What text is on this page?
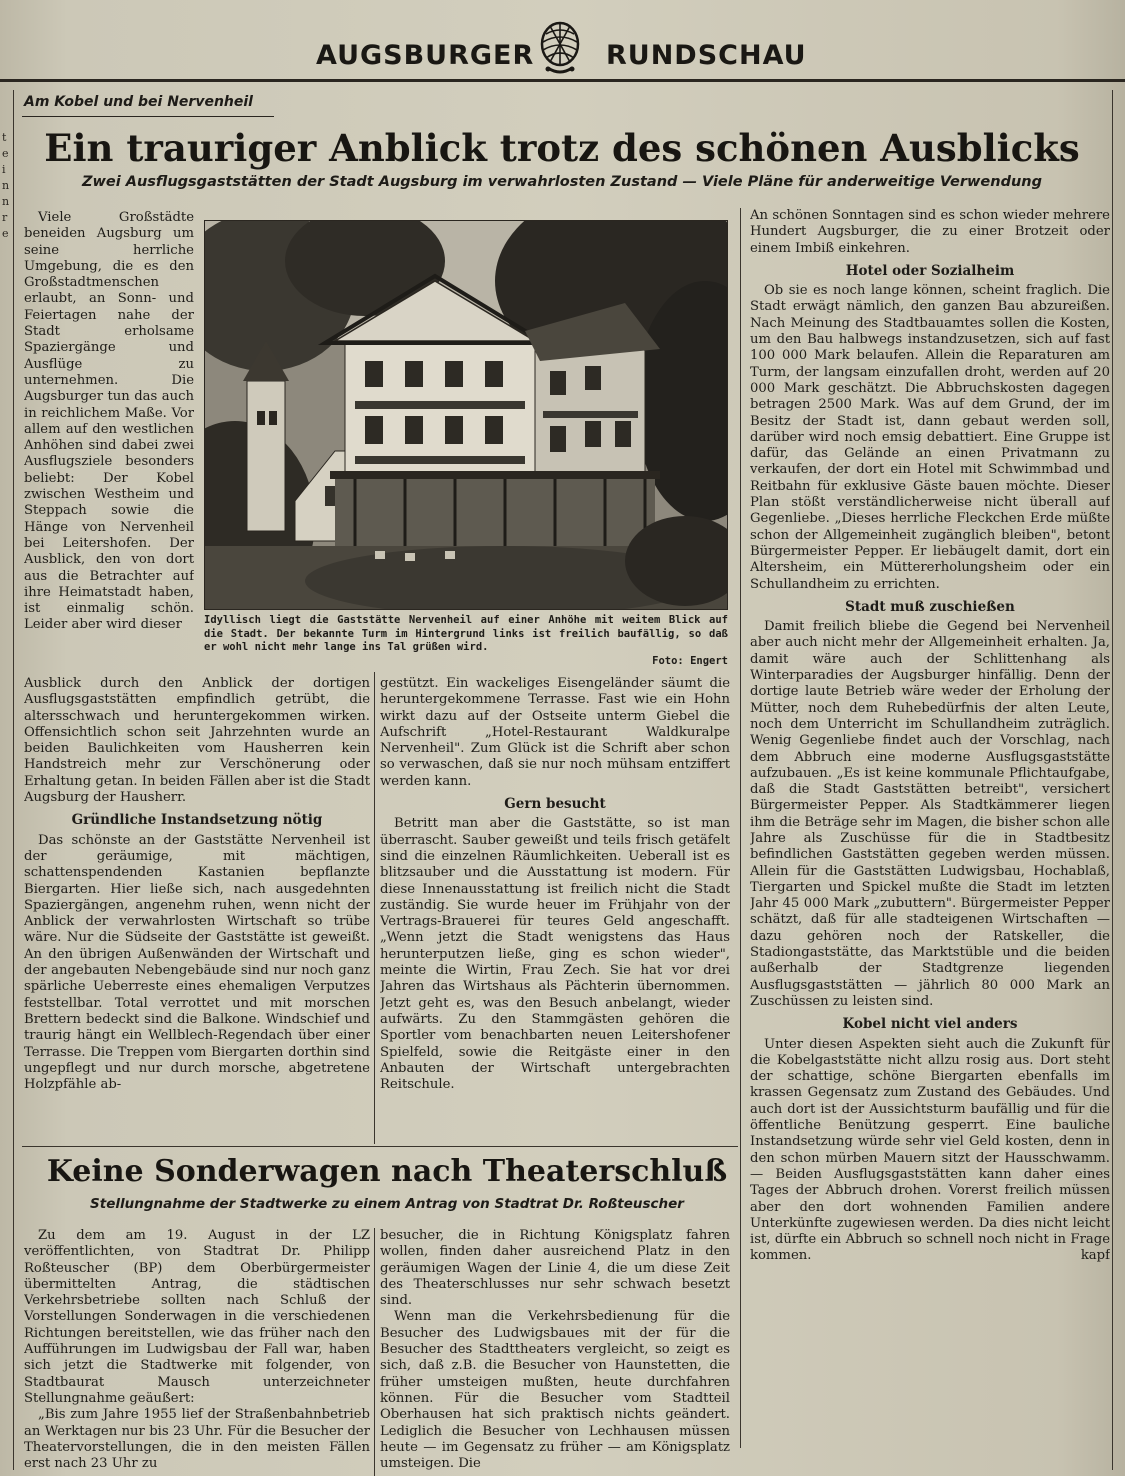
AUGSBURGER	RUNDSCHAU
t
e
i
n
n
r
e
Am Kobel und bei Nervenheil
Ein trauriger Anblick trotz des schönen Ausblicks
Zwei Ausflugsgaststätten der Stadt Augsburg im verwahrlosten Zustand — Viele Pläne für anderweitige Verwendung

Viele Großstädte beneiden Augsburg um seine herrliche Umgebung, die es den Großstadtmenschen erlaubt, an Sonn- und Feiertagen nahe der Stadt erholsame Spaziergänge und Ausflüge zu unternehmen. Die Augsburger tun das auch in reichlichem Maße. Vor allem auf den westlichen Anhöhen sind dabei zwei Ausflugsziele besonders beliebt: Der Kobel zwischen Westheim und Steppach sowie die Hänge von Nervenheil bei Leitershofen. Der Ausblick, den von dort aus die Betrachter auf ihre Heimatstadt haben, ist einmalig schön. Leider aber wird dieser	Idyllisch liegt die Gaststätte Nervenheil auf einer Anhöhe mit weitem Blick auf die Stadt. Der bekannte Turm im Hintergrund links ist freilich baufällig, so daß er wohl nicht mehr lange ins Tal grüßen wird.
Foto: Engert

Ausblick durch den Anblick der dortigen Ausflugsgaststätten empfindlich getrübt, die altersschwach und heruntergekommen wirken. Offensichtlich schon seit Jahrzehnten wurde an beiden Baulichkeiten vom Hausherren kein Handstreich mehr zur Verschönerung oder Erhaltung getan. In beiden Fällen aber ist die Stadt Augsburg der Hausherr.

Gründliche Instandsetzung nötig

Das schönste an der Gaststätte Nervenheil ist der geräumige, mit mächtigen, schattenspendenden Kastanien bepflanzte Biergarten. Hier ließe sich, nach ausgedehnten Spaziergängen, angenehm ruhen, wenn nicht der Anblick der verwahrlosten Wirtschaft so trübe wäre. Nur die Südseite der Gaststätte ist geweißt. An den übrigen Außenwänden der Wirtschaft und der angebauten Nebengebäude sind nur noch ganz spärliche Ueberreste eines ehemaligen Verputzes feststellbar. Total verrottet und mit morschen Brettern bedeckt sind die Balkone. Windschief und traurig hängt ein Wellblech-Regendach über einer Terrasse. Die Treppen vom Biergarten dorthin sind ungepflegt und nur durch morsche, abgetretene Holzpfähle ab-

gestützt. Ein wackeliges Eisengeländer säumt die heruntergekommene Terrasse. Fast wie ein Hohn wirkt dazu auf der Ostseite unterm Giebel die Aufschrift „Hotel-Restaurant Waldkuralpe Nervenheil". Zum Glück ist die Schrift aber schon so verwaschen, daß sie nur noch mühsam entziffert werden kann.

Gern besucht

Betritt man aber die Gaststätte, so ist man überrascht. Sauber geweißt und teils frisch getäfelt sind die einzelnen Räumlichkeiten. Ueberall ist es blitzsauber und die Ausstattung ist modern. Für diese Innenausstattung ist freilich nicht die Stadt zuständig. Sie wurde heuer im Frühjahr von der Vertrags-Brauerei für teures Geld angeschafft. „Wenn jetzt die Stadt wenigstens das Haus herunterputzen ließe, ging es schon wieder", meinte die Wirtin, Frau Zech. Sie hat vor drei Jahren das Wirtshaus als Pächterin übernommen. Jetzt geht es, was den Besuch anbelangt, wieder aufwärts. Zu den Stammgästen gehören die Sportler vom benachbarten neuen Leitershofener Spielfeld, sowie die Reitgäste einer in den Anbauten der Wirtschaft untergebrachten Reitschule.

An schönen Sonntagen sind es schon wieder mehrere Hundert Augsburger, die zu einer Brotzeit oder einem Imbiß einkehren.

Hotel oder Sozialheim

Ob sie es noch lange können, scheint fraglich. Die Stadt erwägt nämlich, den ganzen Bau abzureißen. Nach Meinung des Stadtbauamtes sollen die Kosten, um den Bau halbwegs instandzusetzen, sich auf fast 100 000 Mark belaufen. Allein die Reparaturen am Turm, der langsam einzufallen droht, werden auf 20 000 Mark geschätzt. Die Abbruchskosten dagegen betragen 2500 Mark. Was auf dem Grund, der im Besitz der Stadt ist, dann gebaut werden soll, darüber wird noch emsig debattiert. Eine Gruppe ist dafür, das Gelände an einen Privatmann zu verkaufen, der dort ein Hotel mit Schwimmbad und Reitbahn für exklusive Gäste bauen möchte. Dieser Plan stößt verständlicherweise nicht überall auf Gegenliebe. „Dieses herrliche Fleckchen Erde müßte schon der Allgemeinheit zugänglich bleiben", betont Bürgermeister Pepper. Er liebäugelt damit, dort ein Altersheim, ein Müttererholungsheim oder ein Schullandheim zu errichten.

Stadt muß zuschießen

Damit freilich bliebe die Gegend bei Nervenheil aber auch nicht mehr der Allgemeinheit erhalten. Ja, damit wäre auch der Schlittenhang als Winterparadies der Augsburger hinfällig. Denn der dortige laute Betrieb wäre weder der Erholung der Mütter, noch dem Ruhebedürfnis der alten Leute, noch dem Unterricht im Schullandheim zuträglich. Wenig Gegenliebe findet auch der Vorschlag, nach dem Abbruch eine moderne Ausflugsgaststätte aufzubauen. „Es ist keine kommunale Pflichtaufgabe, daß die Stadt Gaststätten betreibt", versichert Bürgermeister Pepper. Als Stadtkämmerer liegen ihm die Beträge sehr im Magen, die bisher schon alle Jahre als Zuschüsse für die in Stadtbesitz befindlichen Gaststätten gegeben werden müssen. Allein für die Gaststätten Ludwigsbau, Hochablaß, Tiergarten und Spickel mußte die Stadt im letzten Jahr 45 000 Mark „zubuttern". Bürgermeister Pepper schätzt, daß für alle stadteigenen Wirtschaften — dazu gehören noch der Ratskeller, die Stadiongaststätte, das Marktstüble und die beiden außerhalb der Stadtgrenze liegenden Ausflugsgaststätten — jährlich 80 000 Mark an Zuschüssen zu leisten sind.

Kobel nicht viel anders

Unter diesen Aspekten sieht auch die Zukunft für die Kobelgaststätte nicht allzu rosig aus. Dort steht der schattige, schöne Biergarten ebenfalls im krassen Gegensatz zum Zustand des Gebäudes. Und auch dort ist der Aussichtsturm baufällig und für die öffentliche Benützung gesperrt. Eine bauliche Instandsetzung würde sehr viel Geld kosten, denn in den schon mürben Mauern sitzt der Hausschwamm. — Beiden Ausflugsgaststätten kann daher eines Tages der Abbruch drohen. Vorerst freilich müssen aber den dort wohnenden Familien andere Unterkünfte zugewiesen werden. Da dies nicht leicht ist, dürfte ein Abbruch so schnell noch nicht in Frage kommen.	kapf

Keine Sonderwagen nach Theaterschluß
Stellungnahme der Stadtwerke zu einem Antrag von Stadtrat Dr. Roßteuscher

Zu dem am 19. August in der LZ veröffentlichten, von Stadtrat Dr. Philipp Roßteuscher (BP) dem Oberbürgermeister übermittelten Antrag, die städtischen Verkehrsbetriebe sollten nach Schluß der Vorstellungen Sonderwagen in die verschiedenen Richtungen bereitstellen, wie das früher nach den Aufführungen im Ludwigsbau der Fall war, haben sich jetzt die Stadtwerke mit folgender, von Stadtbaurat Mausch unterzeichneter Stellungnahme geäußert:

„Bis zum Jahre 1955 lief der Straßenbahnbetrieb an Werktagen nur bis 23 Uhr. Für die Besucher der Theatervorstellungen, die in den meisten Fällen erst nach 23 Uhr zu

besucher, die in Richtung Königsplatz fahren wollen, finden daher ausreichend Platz in den geräumigen Wagen der Linie 4, die um diese Zeit des Theaterschlusses nur sehr schwach besetzt sind.

Wenn man die Verkehrsbedienung für die Besucher des Ludwigsbaues mit der für die Besucher des Stadttheaters vergleicht, so zeigt es sich, daß z.B. die Besucher von Haunstetten, die früher umsteigen mußten, heute durchfahren können. Für die Besucher vom Stadtteil Oberhausen hat sich praktisch nichts geändert. Lediglich die Besucher von Lechhausen müssen heute — im Gegensatz zu früher — am Königsplatz umsteigen. Die
